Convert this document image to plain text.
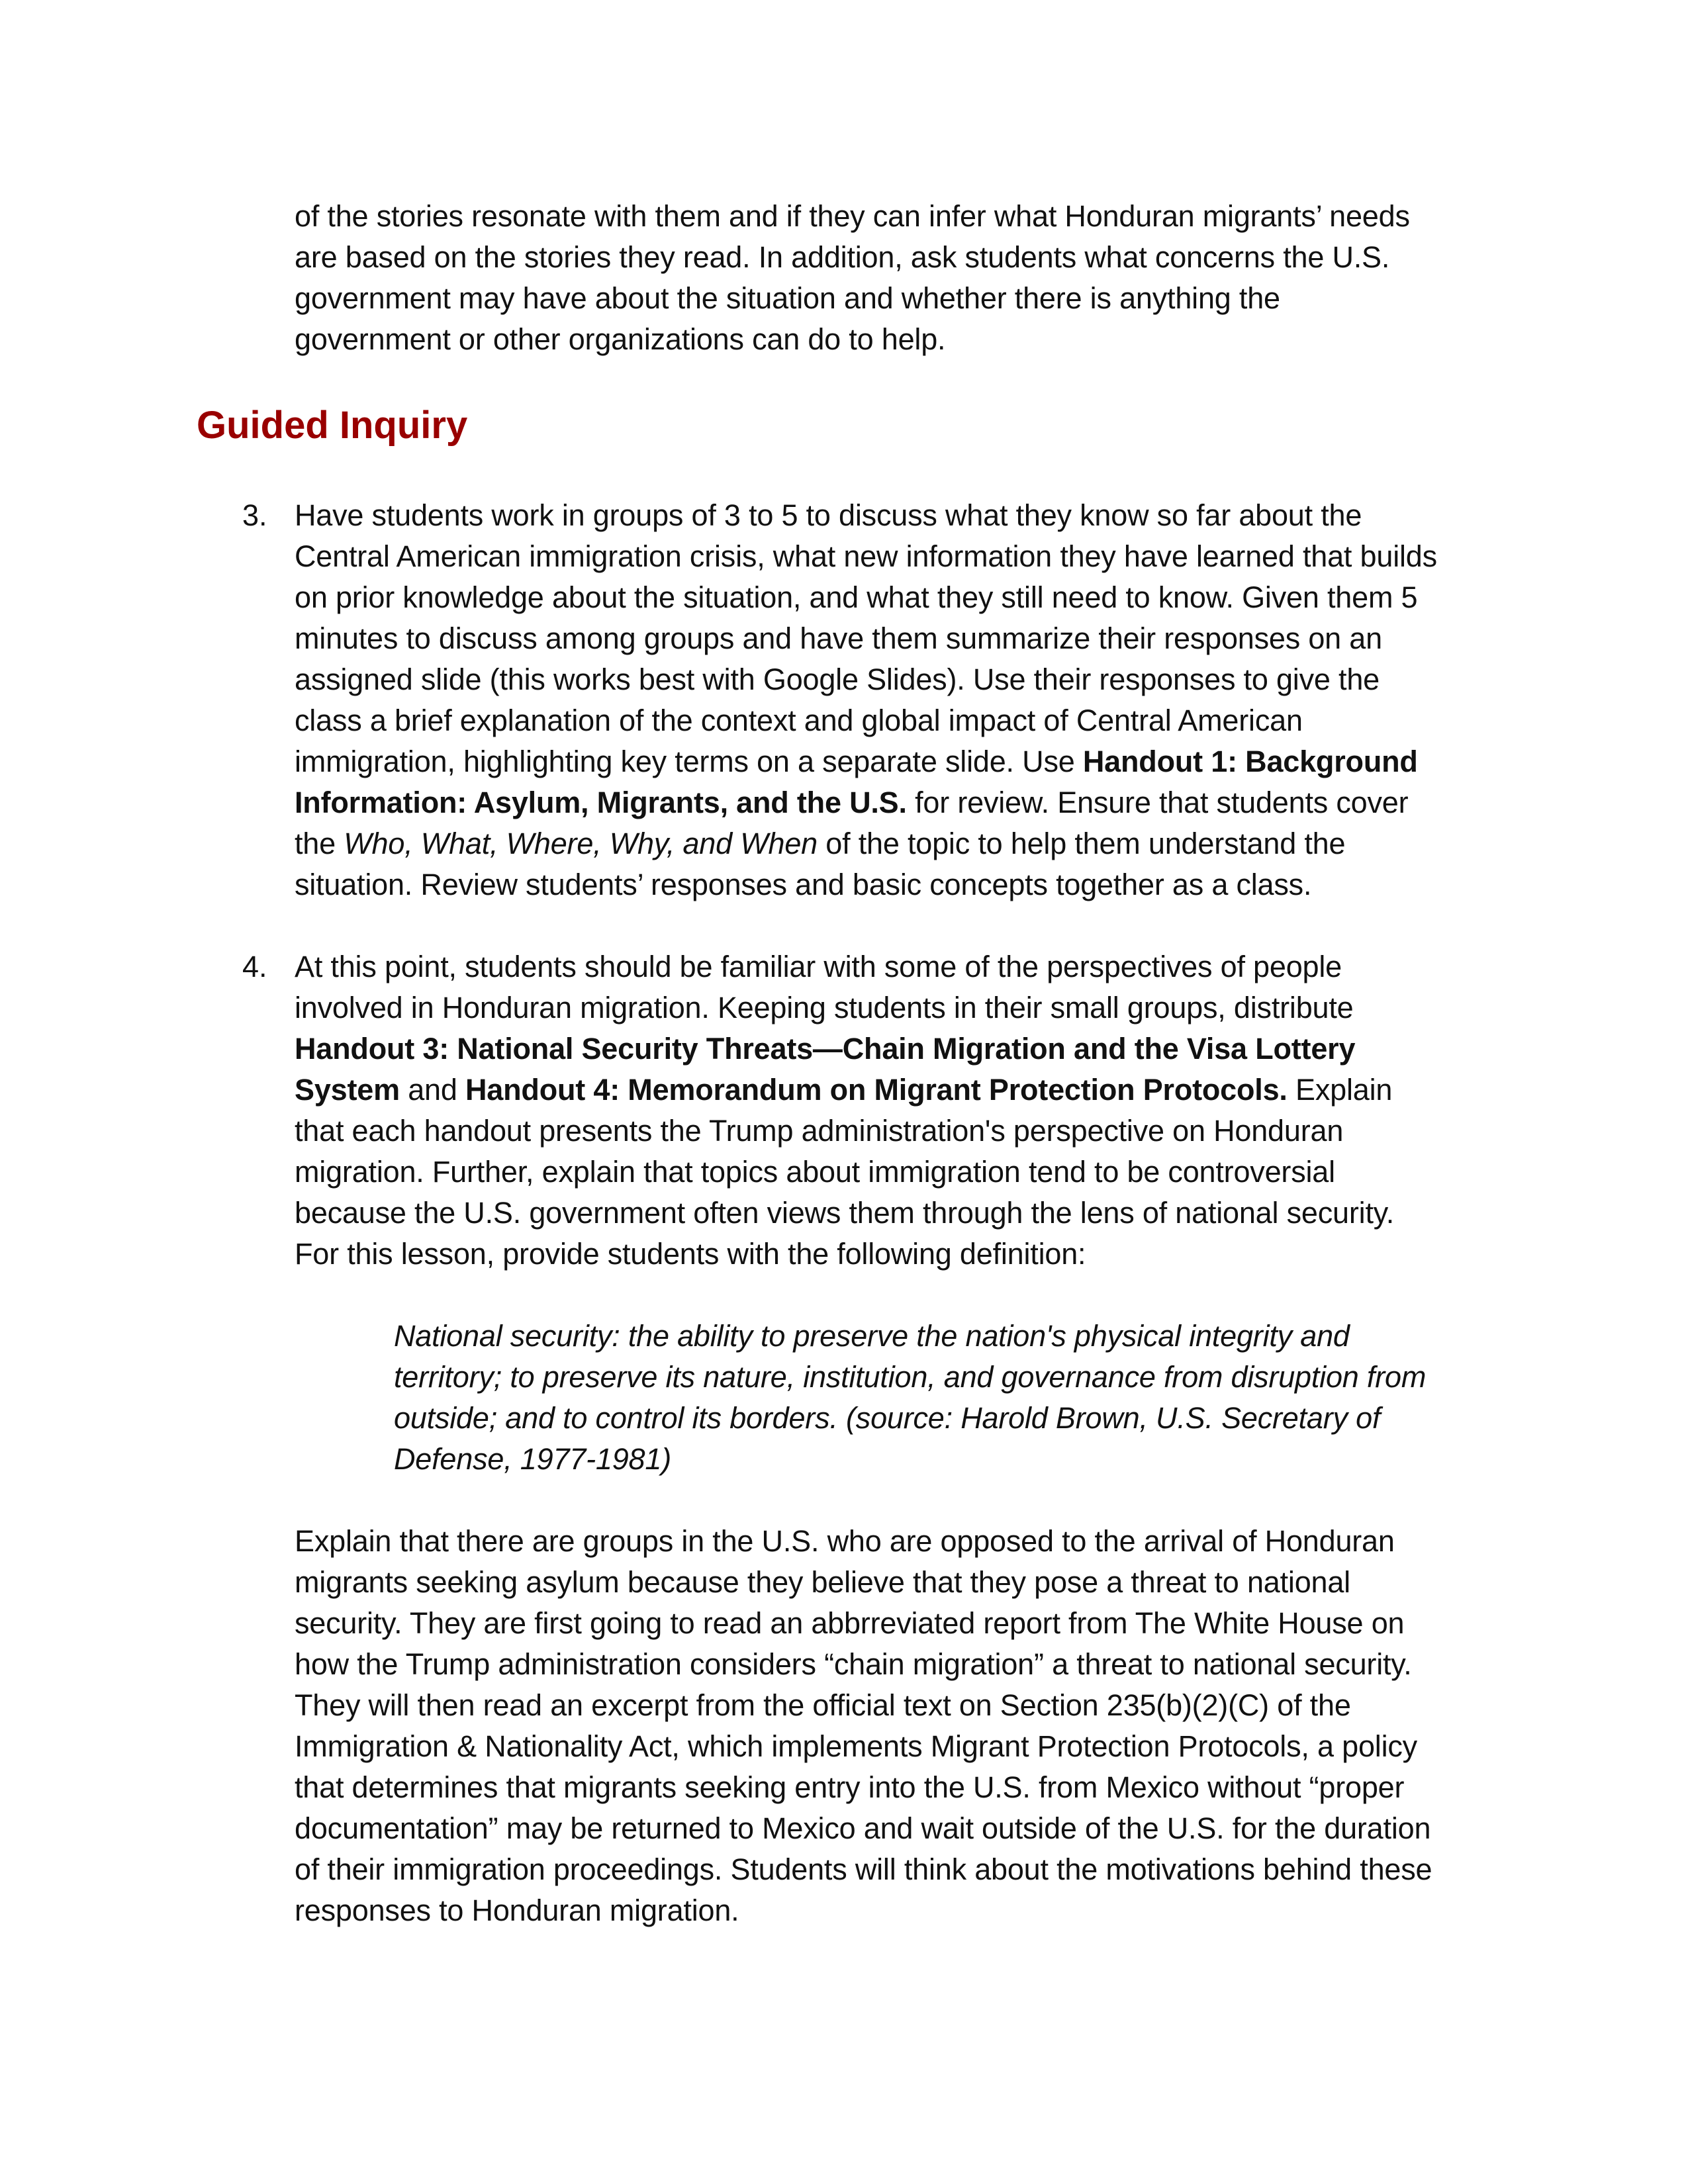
of the stories resonate with them and if they can infer what Honduran migrants’ needs
are based on the stories they read. In addition, ask students what concerns the U.S.
government may have about the situation and whether there is anything the
government or other organizations can do to help.
Guided Inquiry
3. Have students work in groups of 3 to 5 to discuss what they know so far about the
Central American immigration crisis, what new information they have learned that builds
on prior knowledge about the situation, and what they still need to know. Given them 5
minutes to discuss among groups and have them summarize their responses on an
assigned slide (this works best with Google Slides). Use their responses to give the
class a brief explanation of the context and global impact of Central American
immigration, highlighting key terms on a separate slide. Use Handout 1: Background
Information: Asylum, Migrants, and the U.S. for review. Ensure that students cover
the Who, What, Where, Why, and When of the topic to help them understand the
situation. Review students’ responses and basic concepts together as a class.
4. At this point, students should be familiar with some of the perspectives of people
involved in Honduran migration. Keeping students in their small groups, distribute
Handout 3: National Security Threats—Chain Migration and the Visa Lottery
System and Handout 4: Memorandum on Migrant Protection Protocols. Explain
that each handout presents the Trump administration's perspective on Honduran
migration. Further, explain that topics about immigration tend to be controversial
because the U.S. government often views them through the lens of national security.
For this lesson, provide students with the following definition:
National security: the ability to preserve the nation's physical integrity and
territory; to preserve its nature, institution, and governance from disruption from
outside; and to control its borders. (source: Harold Brown, U.S. Secretary of
Defense, 1977-1981)
Explain that there are groups in the U.S. who are opposed to the arrival of Honduran
migrants seeking asylum because they believe that they pose a threat to national
security. They are first going to read an abbrreviated report from The White House on
how the Trump administration considers “chain migration” a threat to national security.
They will then read an excerpt from the official text on Section 235(b)(2)(C) of the
Immigration & Nationality Act, which implements Migrant Protection Protocols, a policy
that determines that migrants seeking entry into the U.S. from Mexico without “proper
documentation” may be returned to Mexico and wait outside of the U.S. for the duration
of their immigration proceedings. Students will think about the motivations behind these
responses to Honduran migration.
